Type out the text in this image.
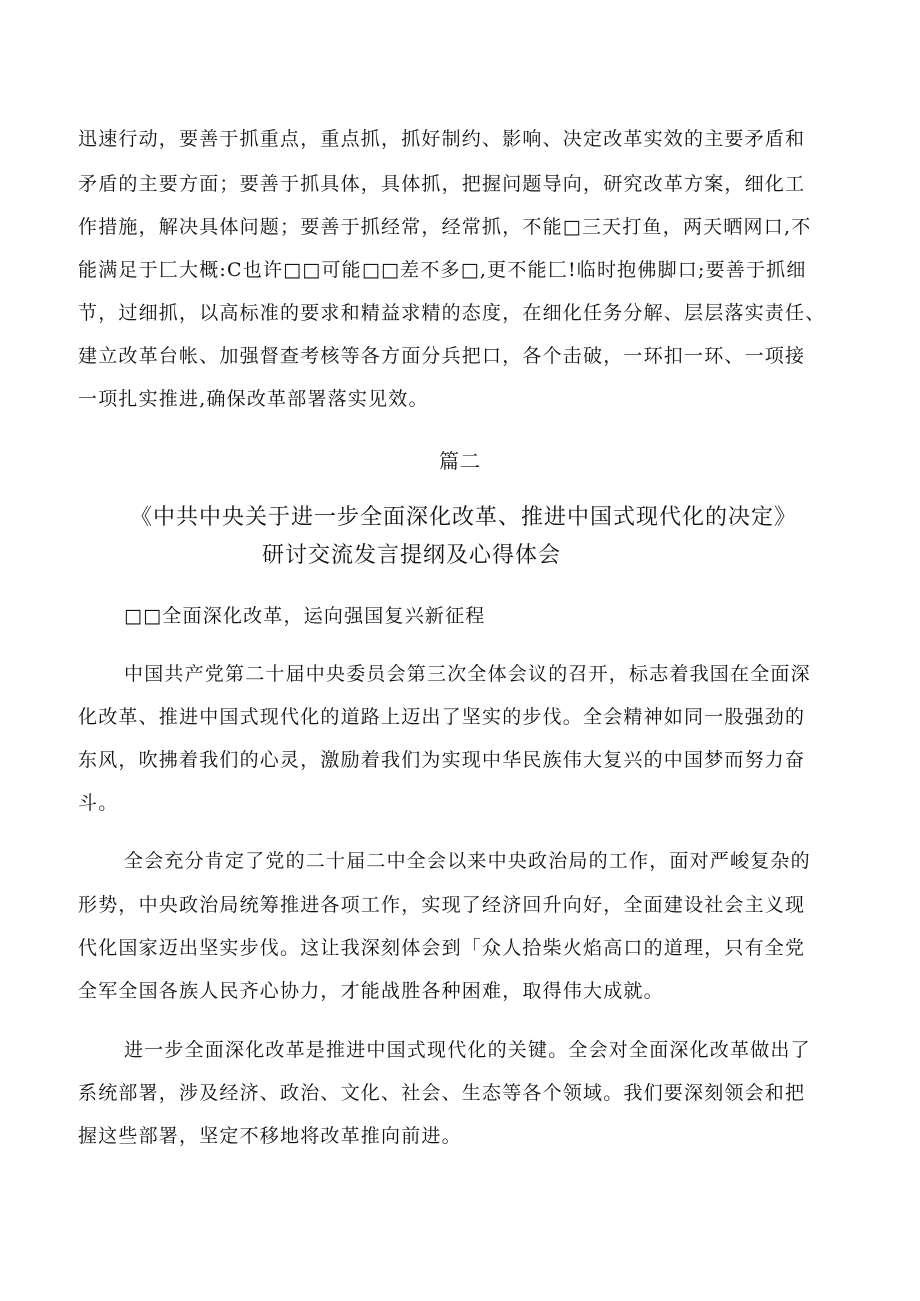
迅速行动，要善于抓重点，重点抓，抓好制约、影响、决定改革实效的主要矛盾和
矛盾的主要方面；要善于抓具体，具体抓，把握问题导向，研究改革方案，细化工
作措施，解决具体问题；要善于抓经常，经常抓，不能□三天打鱼，两天晒网口,不
能满足于匚大概:C也许□□可能□□差不多□,更不能匚!临时抱佛脚口;要善于抓细
节，过细抓，以高标准的要求和精益求精的态度，在细化任务分解、层层落实责任、
建立改革台帐、加强督查考核等各方面分兵把口，各个击破，一环扣一环、一项接
一项扎实推进,确保改革部署落实见效。
篇二
《中共中央关于进一步全面深化改革、推进中国式现代化的决定》
研讨交流发言提纲及心得体会
□□全面深化改革，运向强国复兴新征程
中国共产党第二十届中央委员会第三次全体会议的召开，标志着我国在全面深
化改革、推进中国式现代化的道路上迈出了坚实的步伐。全会精神如同一股强劲的
东风，吹拂着我们的心灵，激励着我们为实现中华民族伟大复兴的中国梦而努力奋
斗。
全会充分肯定了党的二十届二中全会以来中央政治局的工作，面对严峻复杂的
形势，中央政治局统筹推进各项工作，实现了经济回升向好，全面建设社会主义现
代化国家迈出坚实步伐。这让我深刻体会到「众人拾柴火焰高口的道理，只有全党
全军全国各族人民齐心协力，才能战胜各种困难，取得伟大成就。
进一步全面深化改革是推进中国式现代化的关键。全会对全面深化改革做出了
系统部署，涉及经济、政治、文化、社会、生态等各个领域。我们要深刻领会和把
握这些部署，坚定不移地将改革推向前进。
